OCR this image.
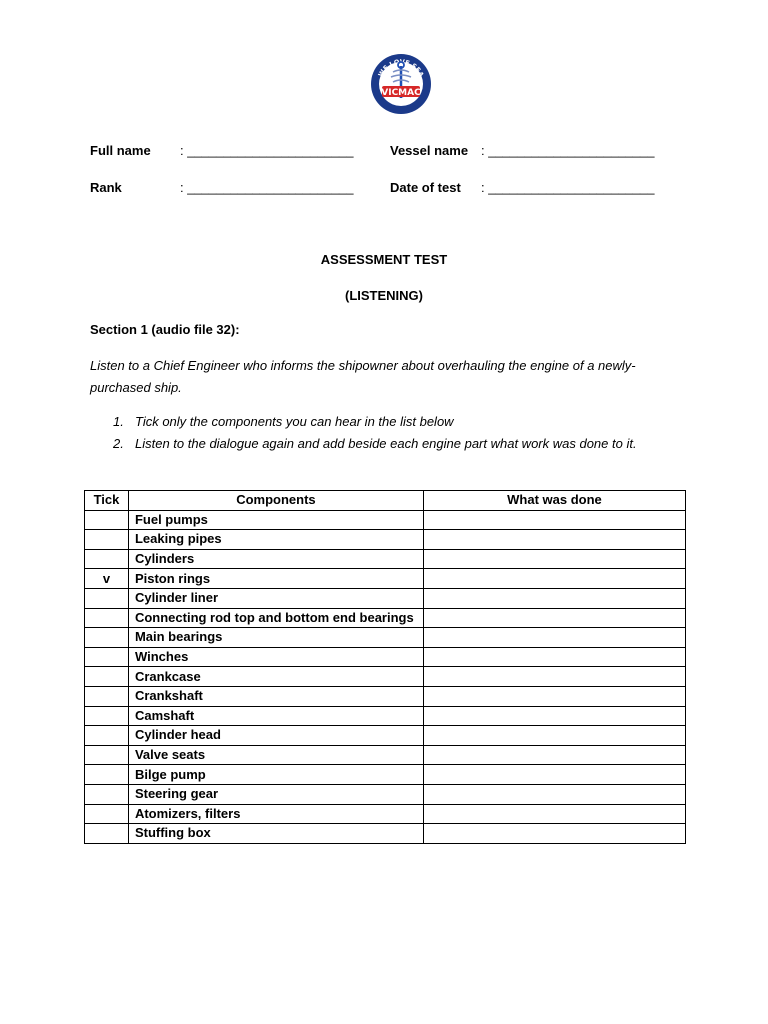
WE LOVE SEA
VICMAC
Full name : _______________________	Vessel name : _______________________
Rank	: _______________________	Date of test : _______________________
ASSESSMENT TEST
(LISTENING)
Section 1 (audio file 32):
Listen to a Chief Engineer who informs the shipowner about overhauling the engine of a newly-purchased ship.
1. Tick only the components you can hear in the list below
2. Listen to the dialogue again and add beside each engine part what work was done to it.
Tick	Components	What was done
	Fuel pumps	
	Leaking pipes	
	Cylinders	
v	Piston rings	
	Cylinder liner	
	Connecting rod top and bottom end bearings	
	Main bearings	
	Winches	
	Crankcase	
	Crankshaft	
	Camshaft	
	Cylinder head	
	Valve seats	
	Bilge pump	
	Steering gear	
	Atomizers, filters	
	Stuffing box	
